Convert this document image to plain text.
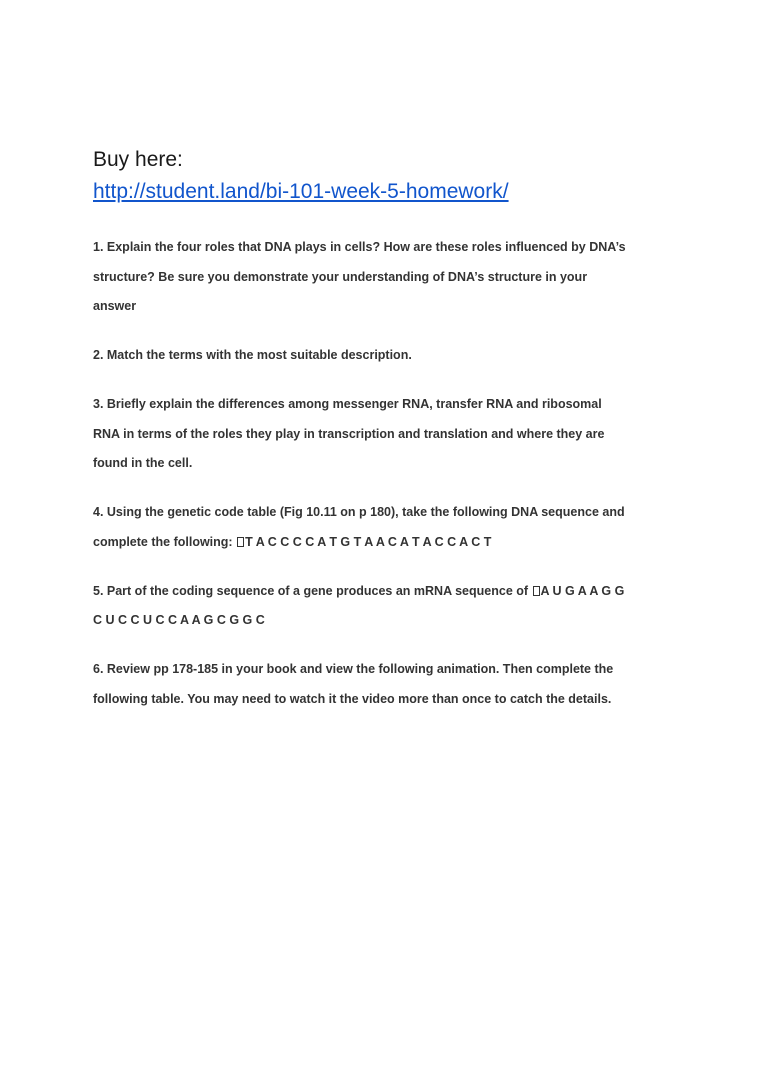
Buy here:
http://student.land/bi-101-week-5-homework/
1. Explain the four roles that DNA plays in cells? How are these roles influenced by DNA’s
structure? Be sure you demonstrate your understanding of DNA’s structure in your
answer
2. Match the terms with the most suitable description.
3. Briefly explain the differences among messenger RNA, transfer RNA and ribosomal
RNA in terms of the roles they play in transcription and translation and where they are
found in the cell.
4. Using the genetic code table (Fig 10.11 on p 180), take the following DNA sequence and
complete the following: T A C C C C A T G T A A C A T A C C A C T
5. Part of the coding sequence of a gene produces an mRNA sequence of A U G A A G G
C U C C U C C A A G C G G C
6. Review pp 178-185 in your book and view the following animation. Then complete the
following table. You may need to watch it the video more than once to catch the details.
